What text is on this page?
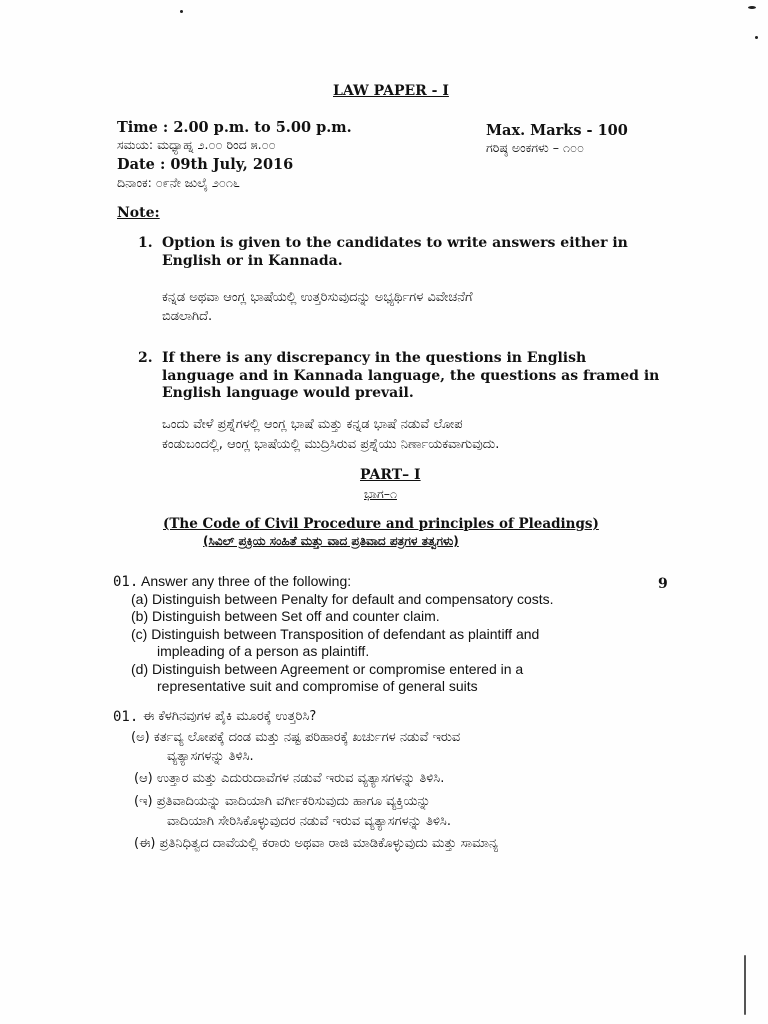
LAW PAPER - I
Time : 2.00 p.m. to 5.00 p.m.
ಸಮಯ: ಮಧ್ಯಾಹ್ನ ೨.೦೦ ರಿಂದ ೫.೦೦
Max. Marks - 100
ಗರಿಷ್ಠ ಅಂಕಗಳು – ೧೦೦
Date : 09th July, 2016
ದಿನಾಂಕ: ೦೯ನೇ ಜುಲೈ ೨೦೧೬
Note:
1. Option is given to the candidates to write answers either in
English or in Kannada.
ಕನ್ನಡ ಅಥವಾ ಆಂಗ್ಲ ಭಾಷೆಯಲ್ಲಿ ಉತ್ತರಿಸುವುದನ್ನು ಅಭ್ಯರ್ಥಿಗಳ ವಿವೇಚನೆಗೆ
ಬಿಡಲಾಗಿದೆ.
2. If there is any discrepancy in the questions in English
language and in Kannada language, the questions as framed in
English language would prevail.
ಒಂದು ವೇಳೆ ಪ್ರಶ್ನೆಗಳಲ್ಲಿ ಆಂಗ್ಲ ಭಾಷೆ ಮತ್ತು ಕನ್ನಡ ಭಾಷೆ ನಡುವೆ ಲೋಪ
ಕಂಡುಬಂದಲ್ಲಿ, ಆಂಗ್ಲ ಭಾಷೆಯಲ್ಲಿ ಮುದ್ರಿಸಿರುವ ಪ್ರಶ್ನೆಯು ನಿರ್ಣಾಯಕವಾಗುವುದು.
PART– I
ಭಾಗ–೧
(The Code of Civil Procedure and principles of Pleadings)
(ಸಿವಿಲ್ ಪ್ರಕ್ರಿಯ ಸಂಹಿತೆ ಮತ್ತು ವಾದ ಪ್ರತಿವಾದ ಪತ್ರಗಳ ತತ್ವಗಳು)
01. Answer any three of the following:	9
(a) Distinguish between Penalty for default and compensatory costs.
(b) Distinguish between Set off and counter claim.
(c) Distinguish between Transposition of defendant as plaintiff and
impleading of a person as plaintiff.
(d) Distinguish between Agreement or compromise entered in a
representative suit and compromise of general suits
01. ಈ ಕೆಳಗಿನವುಗಳ ಪೈಕಿ ಮೂರಕ್ಕೆ ಉತ್ತರಿಸಿ?
(ಅ) ಕರ್ತವ್ಯ ಲೋಪಕ್ಕೆ ದಂಡ ಮತ್ತು ನಷ್ಟ ಪರಿಹಾರಕ್ಕೆ ಖರ್ಚುಗಳ ನಡುವೆ ಇರುವ
ವ್ಯತ್ಯಾಸಗಳನ್ನು ತಿಳಿಸಿ.
(ಆ) ಉತ್ತಾರ ಮತ್ತು ಎದುರುದಾವೆಗಳ ನಡುವೆ ಇರುವ ವ್ಯತ್ಯಾಸಗಳನ್ನು ತಿಳಿಸಿ.
(ಇ) ಪ್ರತಿವಾದಿಯನ್ನು ವಾದಿಯಾಗಿ ವರ್ಗೀಕರಿಸುವುದು ಹಾಗೂ ವ್ಯಕ್ತಿಯನ್ನು
ವಾದಿಯಾಗಿ ಸೇರಿಸಿಕೊಳ್ಳುವುದರ ನಡುವೆ ಇರುವ ವ್ಯತ್ಯಾಸಗಳನ್ನು ತಿಳಿಸಿ.
(ಈ) ಪ್ರತಿನಿಧಿತ್ವದ ದಾವೆಯಲ್ಲಿ ಕರಾರು ಅಥವಾ ರಾಜಿ ಮಾಡಿಕೊಳ್ಳುವುದು ಮತ್ತು ಸಾಮಾನ್ಯ
